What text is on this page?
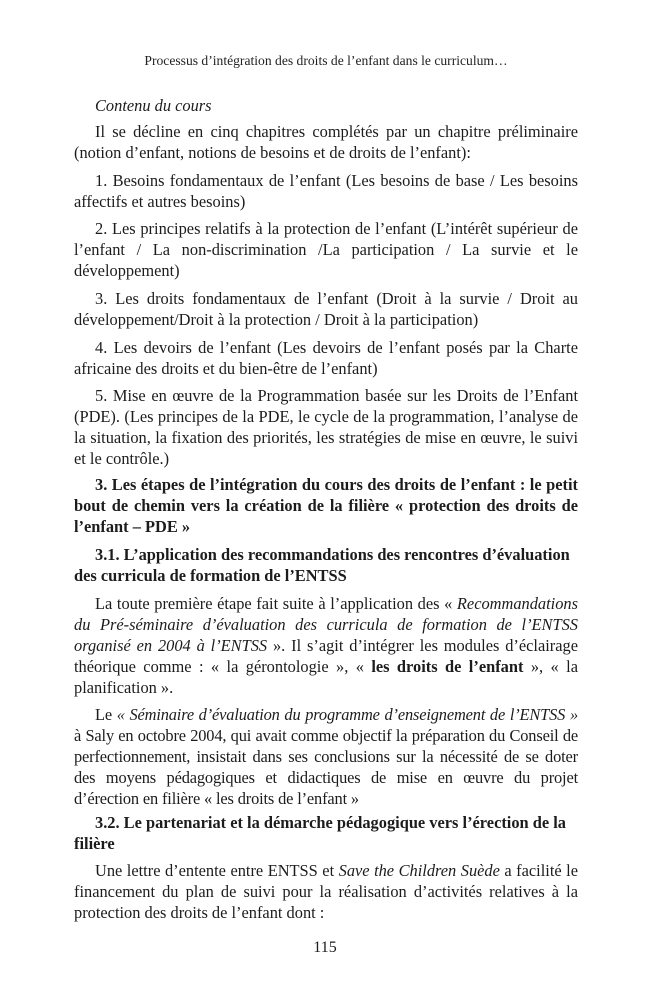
Processus d’intégration des droits de l’enfant dans le curriculum…

Contenu du cours

Il se décline en cinq chapitres complétés par un chapitre préliminaire (notion d’enfant, notions de besoins et de droits de l’enfant):

1. Besoins fondamentaux de l’enfant (Les besoins de base / Les besoins affectifs et autres besoins)

2. Les principes relatifs à la protection de l’enfant (L’intérêt supérieur de l’enfant / La non-discrimination /La participation / La survie et le développement)

3. Les droits fondamentaux de l’enfant (Droit à la survie / Droit au développement/Droit à la protection / Droit à la participation)

4. Les devoirs de l’enfant (Les devoirs de l’enfant posés par la Charte africaine des droits et du bien-être de l’enfant)

5. Mise en œuvre de la Programmation basée sur les Droits de l’Enfant (PDE). (Les principes de la PDE, le cycle de la programmation, l’analyse de la situation, la fixation des priorités, les stratégies de mise en œuvre, le suivi et le contrôle.)

3. Les étapes de l’intégration du cours des droits de l’enfant : le petit bout de chemin vers la création de la filière « protection des droits de l’enfant – PDE »

3.1. L’application des recommandations des rencontres d’évaluation des curricula de formation de l’ENTSS

La toute première étape fait suite à l’application des « Recommandations du Pré-séminaire d’évaluation des curricula de formation de l’ENTSS organisé en 2004 à l’ENTSS ». Il s’agit d’intégrer les modules d’éclairage théorique comme : « la gérontologie », « les droits de l’enfant », « la planification ».

Le « Séminaire d’évaluation du programme d’enseignement de l’ENTSS » à Saly en octobre 2004, qui avait comme objectif la préparation du Conseil de perfectionnement, insistait dans ses conclusions sur la nécessité de se doter des moyens pédagogiques et didactiques de mise en œuvre du projet d’érection en filière « les droits de l’enfant »

3.2. Le partenariat et la démarche pédagogique vers l’érection de la filière

Une lettre d’entente entre ENTSS et Save the Children Suède a facilité le financement du plan de suivi pour la réalisation d’activités relatives à la protection des droits de l’enfant dont :

115
